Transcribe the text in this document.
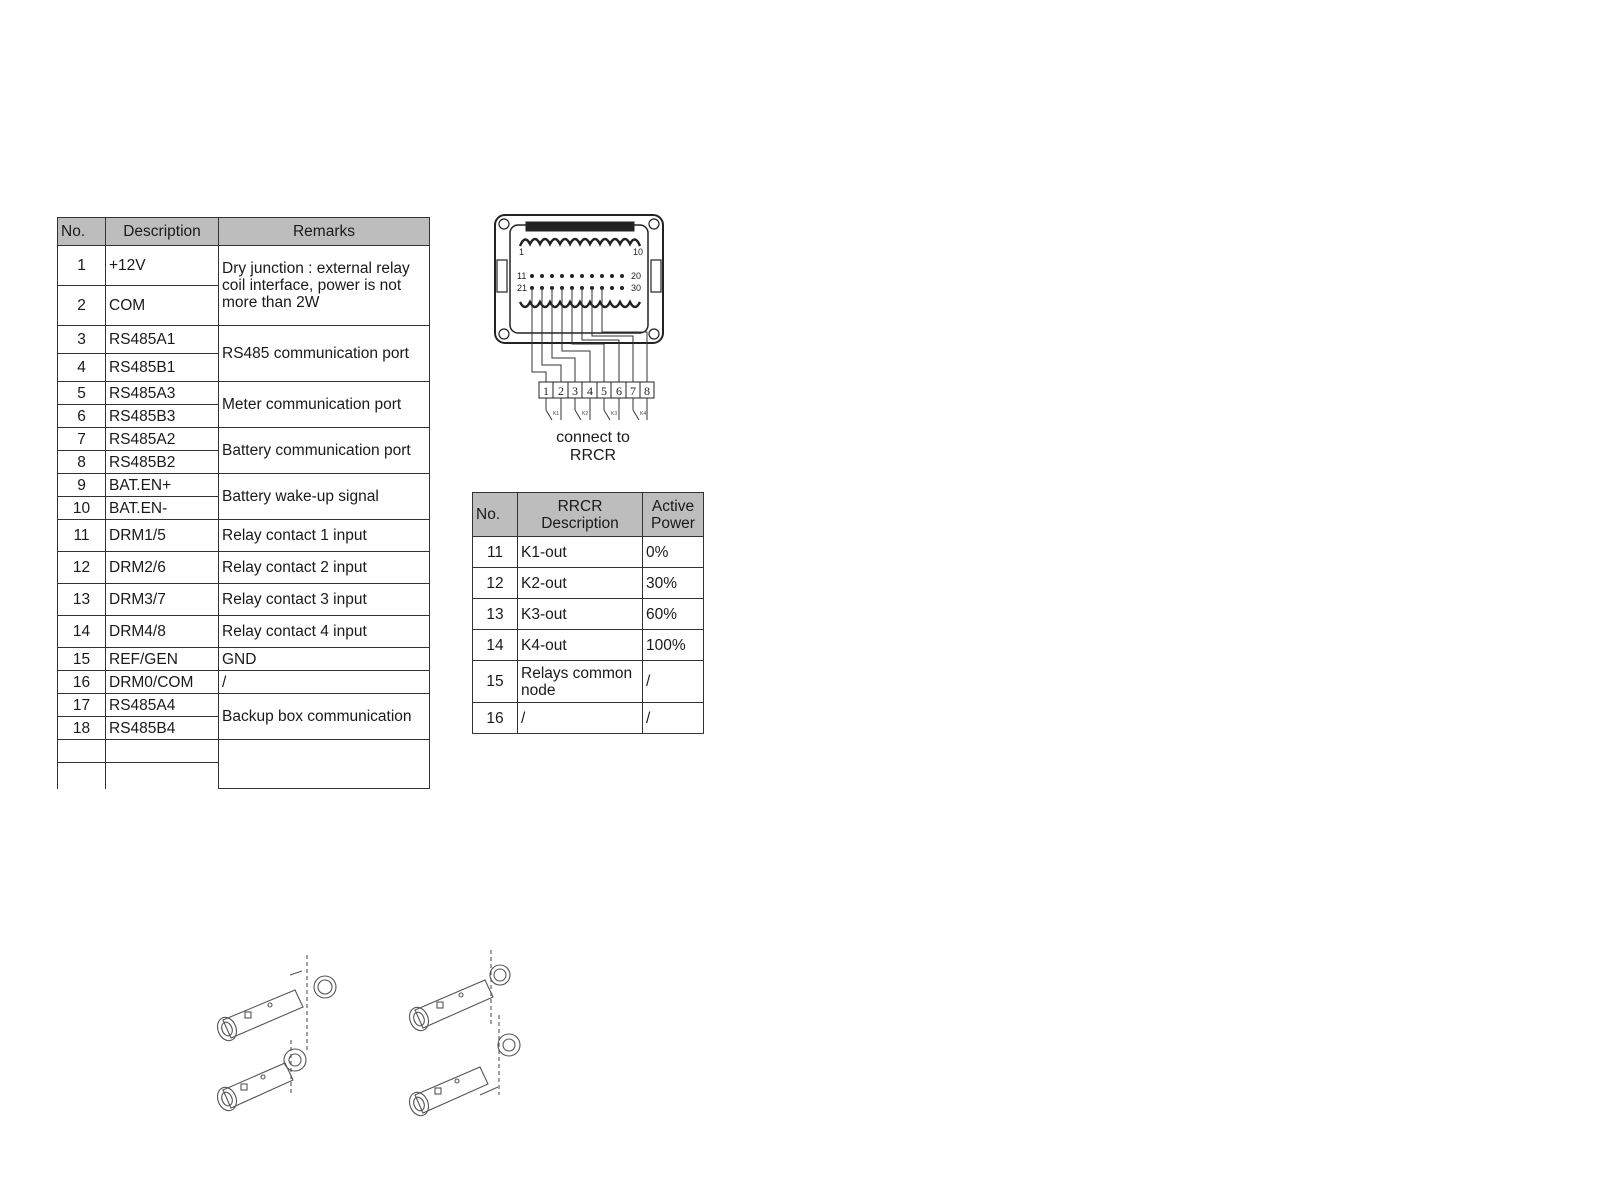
No.	Description	Remarks
1	+12V	Dry junction : external relay coil interface, power is not more than 2W
2	COM	
3	RS485A1	RS485 communication port
4	RS485B1	
5	RS485A3	Meter communication port
6	RS485B3	
7	RS485A2	Battery communication port
8	RS485B2	
9	BAT.EN+	Battery wake-up signal
10	BAT.EN-	
11	DRM1/5	Relay contact 1 input
12	DRM2/6	Relay contact 2 input
13	DRM3/7	Relay contact 3 input
14	DRM4/8	Relay contact 4 input
15	REF/GEN	GND
16	DRM0/COM	/
17	RS485A4	Backup box communication
18	RS485B4	

1	10
11	20
21	30
1 2 3 4 5 6 7 8
K1	K2	K3	K4
connect to RRCR
No.	RRCR Description	Active Power
11	K1-out	0%
12	K2-out	30%
13	K3-out	60%
14	K4-out	100%
15	Relays common node	/
16	/	/
